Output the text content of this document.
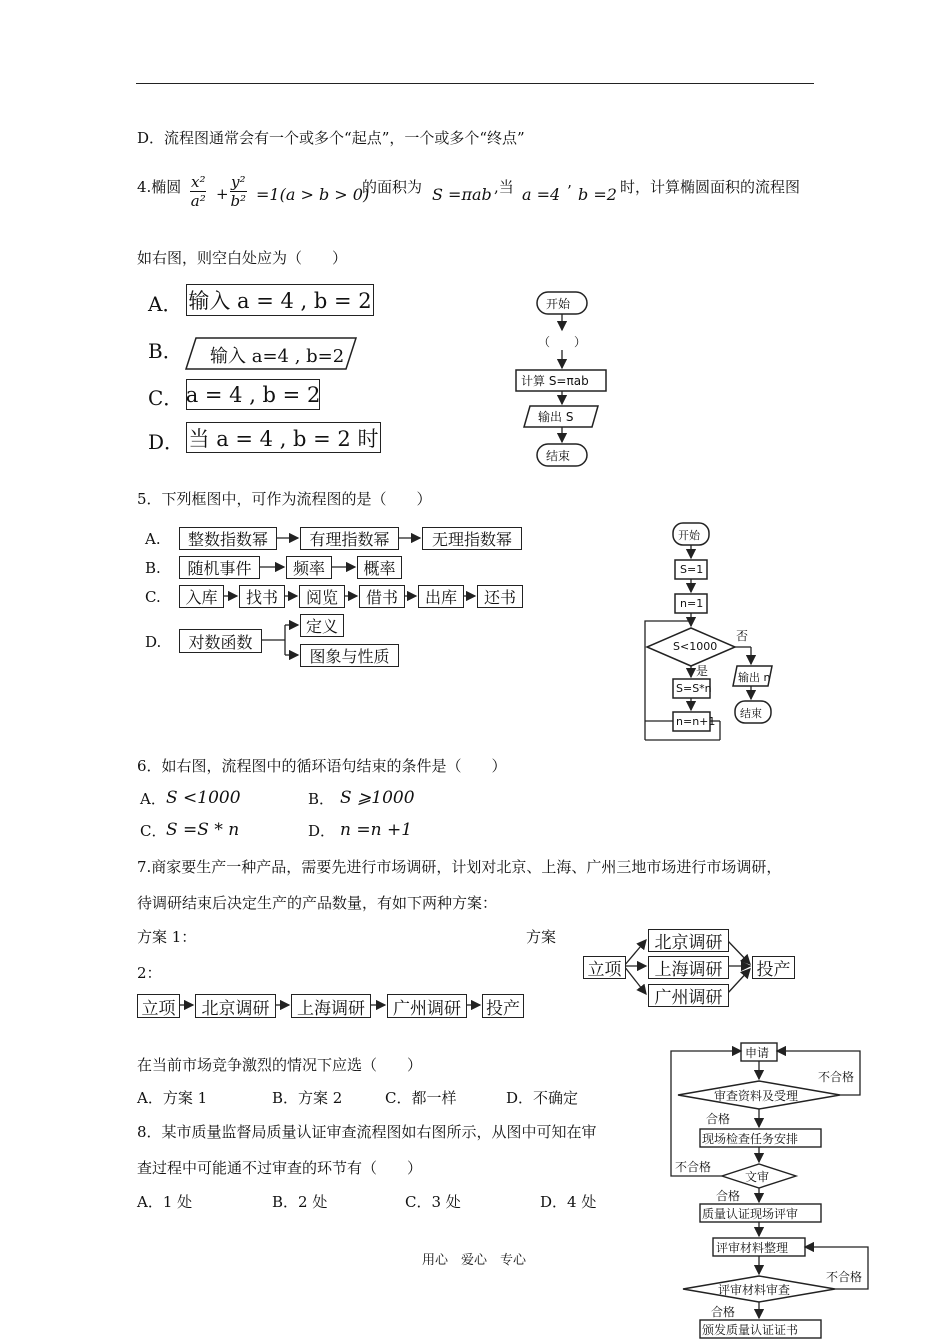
D．流程图通常会有一个或多个“起点”，一个或多个“终点”
4.椭圆 $\frac{\text{x²}}{\text{a²}} + \frac{\text{y²}}{\text{b²}} =1(a > b > 0)$
的面积为 S =πab ,当 a =4 ’ b =2 时，计算椭圆面积的流程图
如右图，则空白处应为（　　）
A． 输入 a = 4 , b = 2
B． 输入 a=4 , b=2
C． a = 4 , b = 2
D． 当 a = 4 , b = 2 时
开始
（　　）
计算 S=πab
输出 S
结束
5．下列框图中，可作为流程图的是（　　）
A.	整数指数幂	有理指数幂	无理指数幂
B.	随机事件	频率	概率
C.	入库	找书	阅览	借书	出库	还书
D.	对数函数
定义
图象与性质
开始
S=1
n=1
S<1000
否
是	输出 n
S=S*n
n=n+1
结束
6．如右图，流程图中的循环语句结束的条件是（　　）
A． S <1000	B． S ⩾1000
C． S =S * n	D． n =n +1
7.商家要生产一种产品，需要先进行市场调研，计划对北京、上海、广州三地市场进行市场调研，
待调研结束后决定生产的产品数量，有如下两种方案：
方案 1：	方案
2：
立项	北京调研	上海调研	广州调研	投产
立项
北京调研
上海调研
广州调研
投产
在当前市场竞争激烈的情况下应选（　　）
A．方案 1	B．方案 2	C．都一样	D．不确定
8．某市质量监督局质量认证审查流程图如右图所示，从图中可知在审
查过程中可能通不过审查的环节有（　　）
A．1 处	B．2 处	C．3 处	D．4 处
申请
审查资料及受理
不合格
合格
现场检查任务安排
不合格
文审
合格
质量认证现场评审
评审材料整理
评审材料审查
不合格
合格
颁发质量认证证书
用心　爱心　专心
